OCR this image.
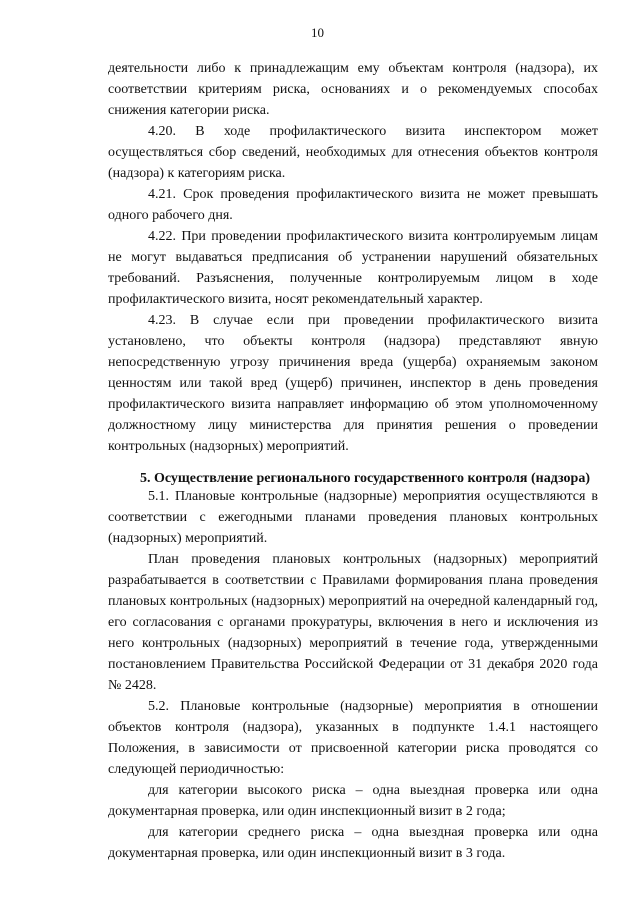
10

деятельности либо к принадлежащим ему объектам контроля (надзора), их соответствии критериям риска, основаниях и о рекомендуемых способах снижения категории риска.

4.20. В ходе профилактического визита инспектором может осуществляться сбор сведений, необходимых для отнесения объектов контроля (надзора) к категориям риска.

4.21. Срок проведения профилактического визита не может превышать одного рабочего дня.

4.22. При проведении профилактического визита контролируемым лицам не могут выдаваться предписания об устранении нарушений обязательных требований. Разъяснения, полученные контролируемым лицом в ходе профилактического визита, носят рекомендательный характер.

4.23. В случае если при проведении профилактического визита установлено, что объекты контроля (надзора) представляют явную непосредственную угрозу причинения вреда (ущерба) охраняемым законом ценностям или такой вред (ущерб) причинен, инспектор в день проведения профилактического визита направляет информацию об этом уполномоченному должностному лицу министерства для принятия решения о проведении контрольных (надзорных) мероприятий.

5. Осуществление регионального государственного контроля (надзора)

5.1. Плановые контрольные (надзорные) мероприятия осуществляются в соответствии с ежегодными планами проведения плановых контрольных (надзорных) мероприятий.

План проведения плановых контрольных (надзорных) мероприятий разрабатывается в соответствии с Правилами формирования плана проведения плановых контрольных (надзорных) мероприятий на очередной календарный год, его согласования с органами прокуратуры, включения в него и исключения из него контрольных (надзорных) мероприятий в течение года, утвержденными постановлением Правительства Российской Федерации от 31 декабря 2020 года № 2428.

5.2. Плановые контрольные (надзорные) мероприятия в отношении объектов контроля (надзора), указанных в подпункте 1.4.1 настоящего Положения, в зависимости от присвоенной категории риска проводятся со следующей периодичностью:

для категории высокого риска – одна выездная проверка или одна документарная проверка, или один инспекционный визит в 2 года;

для категории среднего риска – одна выездная проверка или одна документарная проверка, или один инспекционный визит в 3 года.
